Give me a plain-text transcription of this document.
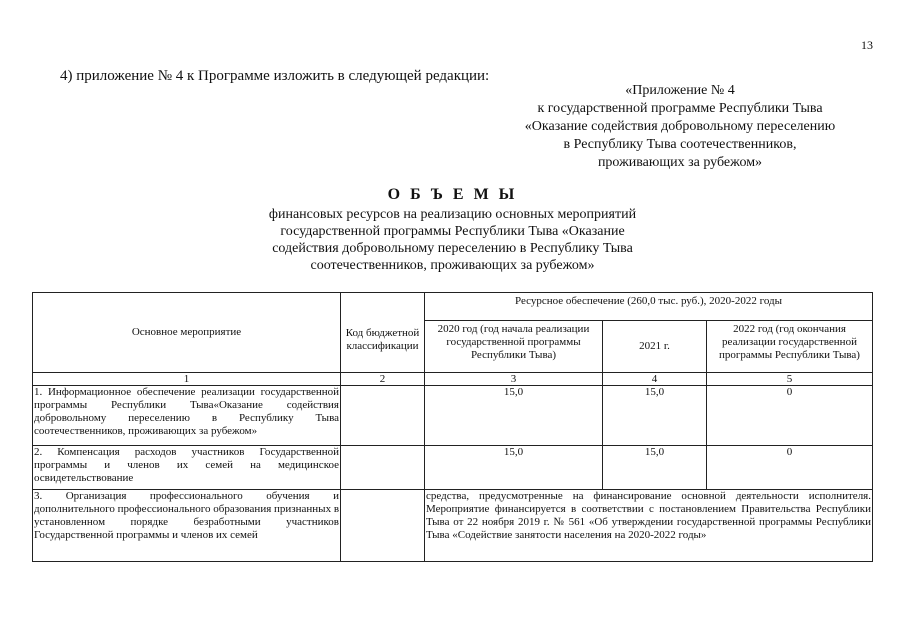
13
4) приложение № 4 к Программе изложить в следующей редакции:
«Приложение № 4
к государственной программе Республики Тыва
«Оказание содействия добровольному переселению
в Республику Тыва соотечественников,
проживающих за рубежом»
О Б Ъ Е М Ы
финансовых ресурсов на реализацию основных мероприятий
государственной программы Республики Тыва «Оказание
содействия добровольному переселению в Республику Тыва
соотечественников, проживающих за рубежом»
Основное мероприятие	Код бюджетной классификации	Ресурсное обеспечение (260,0 тыс. руб.), 2020-2022 годы		
		2020 год (год начала реализации государственной программы Республики Тыва)	2021 г.	2022 год (год окончания реализации государственной программы Республики Тыва)
1	2	3	4	5
1. Информационное обеспечение реализации государственной программы Республики Тыва«Оказание содействия добровольному переселению в Республику Тыва соотечественников, проживающих за рубежом»		15,0	15,0	0
2. Компенсация расходов участников Государственной программы и членов их семей на медицинское освидетельствование		15,0	15,0	0
3. Организация профессионального обучения и дополнительного профессионального образования признанных в установленном порядке безработными участников Государственной программы и членов их семей		средства, предусмотренные на финансирование основной деятельности исполнителя. Мероприятие финансируется в соответствии с постановлением Правительства Республики Тыва от 22 ноября 2019 г. № 561 «Об утверждении государственной программы Республики Тыва «Содействие занятости населения на 2020-2022 годы»		
